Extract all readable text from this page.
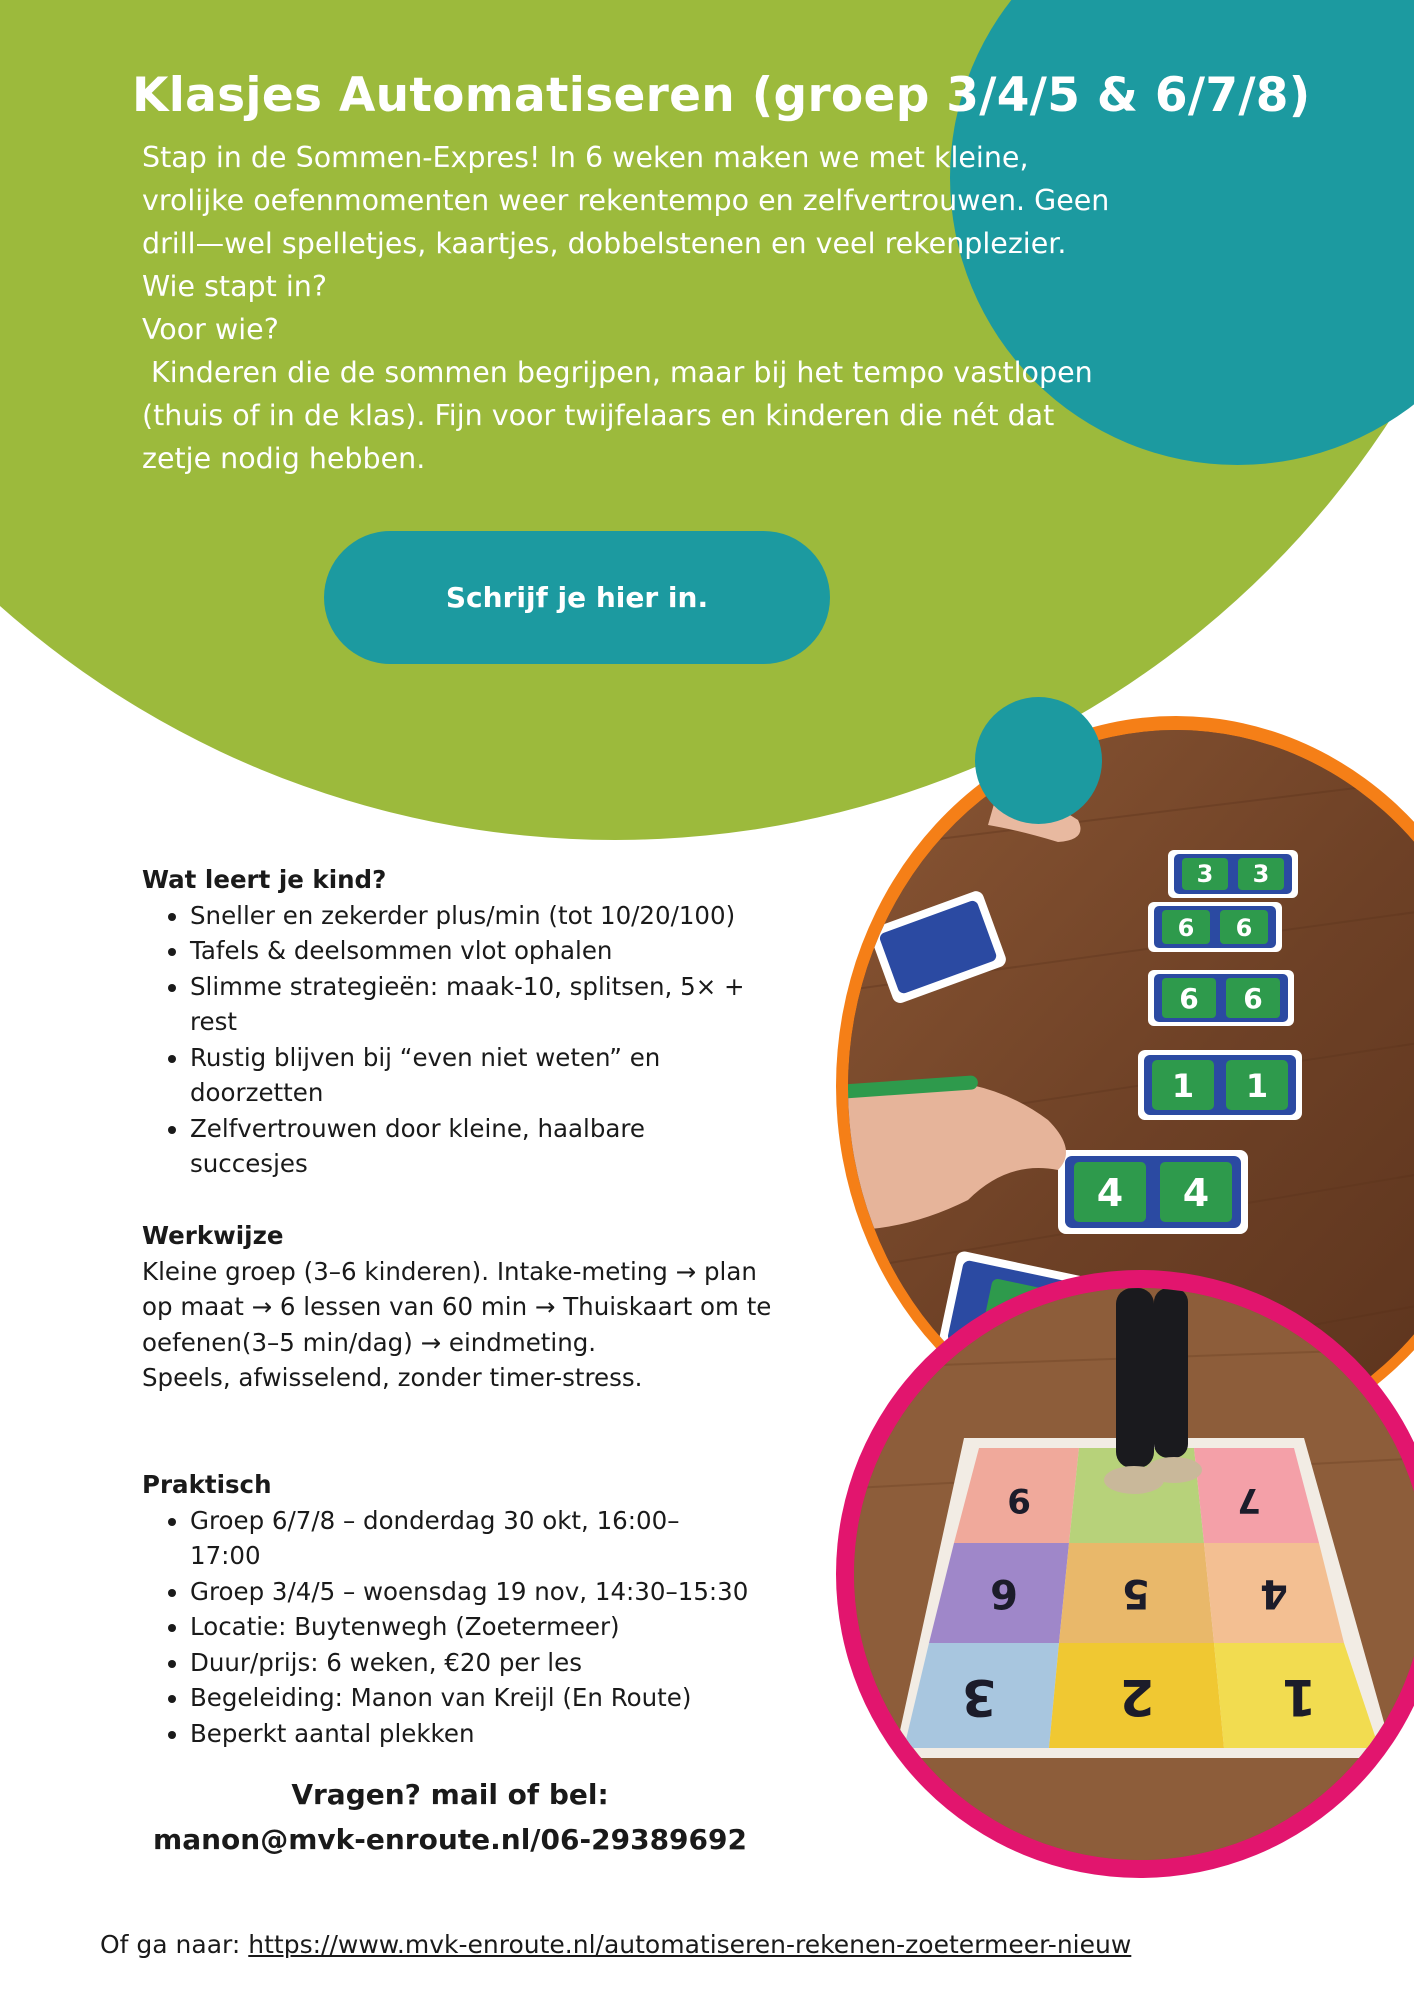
Klasjes Automatiseren (groep 3/4/5 & 6/7/8)

Stap in de Sommen-Expres! In 6 weken maken we met kleine,

vrolijke oefenmomenten weer rekentempo en zelfvertrouwen. Geen

drill—wel spelletjes, kaartjes, dobbelstenen en veel rekenplezier.

Wie stapt in?

Voor wie?

Kinderen die de sommen begrijpen, maar bij het tempo vastlopen

(thuis of in de klas). Fijn voor twijfelaars en kinderen die nét dat

zetje nodig hebben.

Schrijf je hier in.
3 3
6 6
6 6
1 1
4 4
9	7
6	5	4
3 2	1
Wat leert je kind?
• Sneller en zekerder plus/min (tot 10/20/100)
• Tafels & deelsommen vlot ophalen
• Slimme strategieën: maak-10, splitsen, 5× + rest
• Rustig blijven bij “even niet weten” en doorzetten
• Zelfvertrouwen door kleine, haalbare succesjes
Werkwijze

Kleine groep (3–6 kinderen). Intake-meting → plan op maat → 6 lessen van 60 min → Thuiskaart om te oefenen(3–5 min/dag) → eindmeting.

Speels, afwisselend, zonder timer-stress.

Praktisch
• Groep 6/7/8 – donderdag 30 okt, 16:00–17:00
• Groep 3/4/5 – woensdag 19 nov, 14:30–15:30
• Locatie: Buytenwegh (Zoetermeer)
• Duur/prijs: 6 weken, €20 per les
• Begeleiding: Manon van Kreijl (En Route)
• Beperkt aantal plekken

Vragen? mail of bel:

manon@mvk-enroute.nl/06-29389692

Of ga naar: https://www.mvk-enroute.nl/automatiseren-rekenen-zoetermeer-nieuw
